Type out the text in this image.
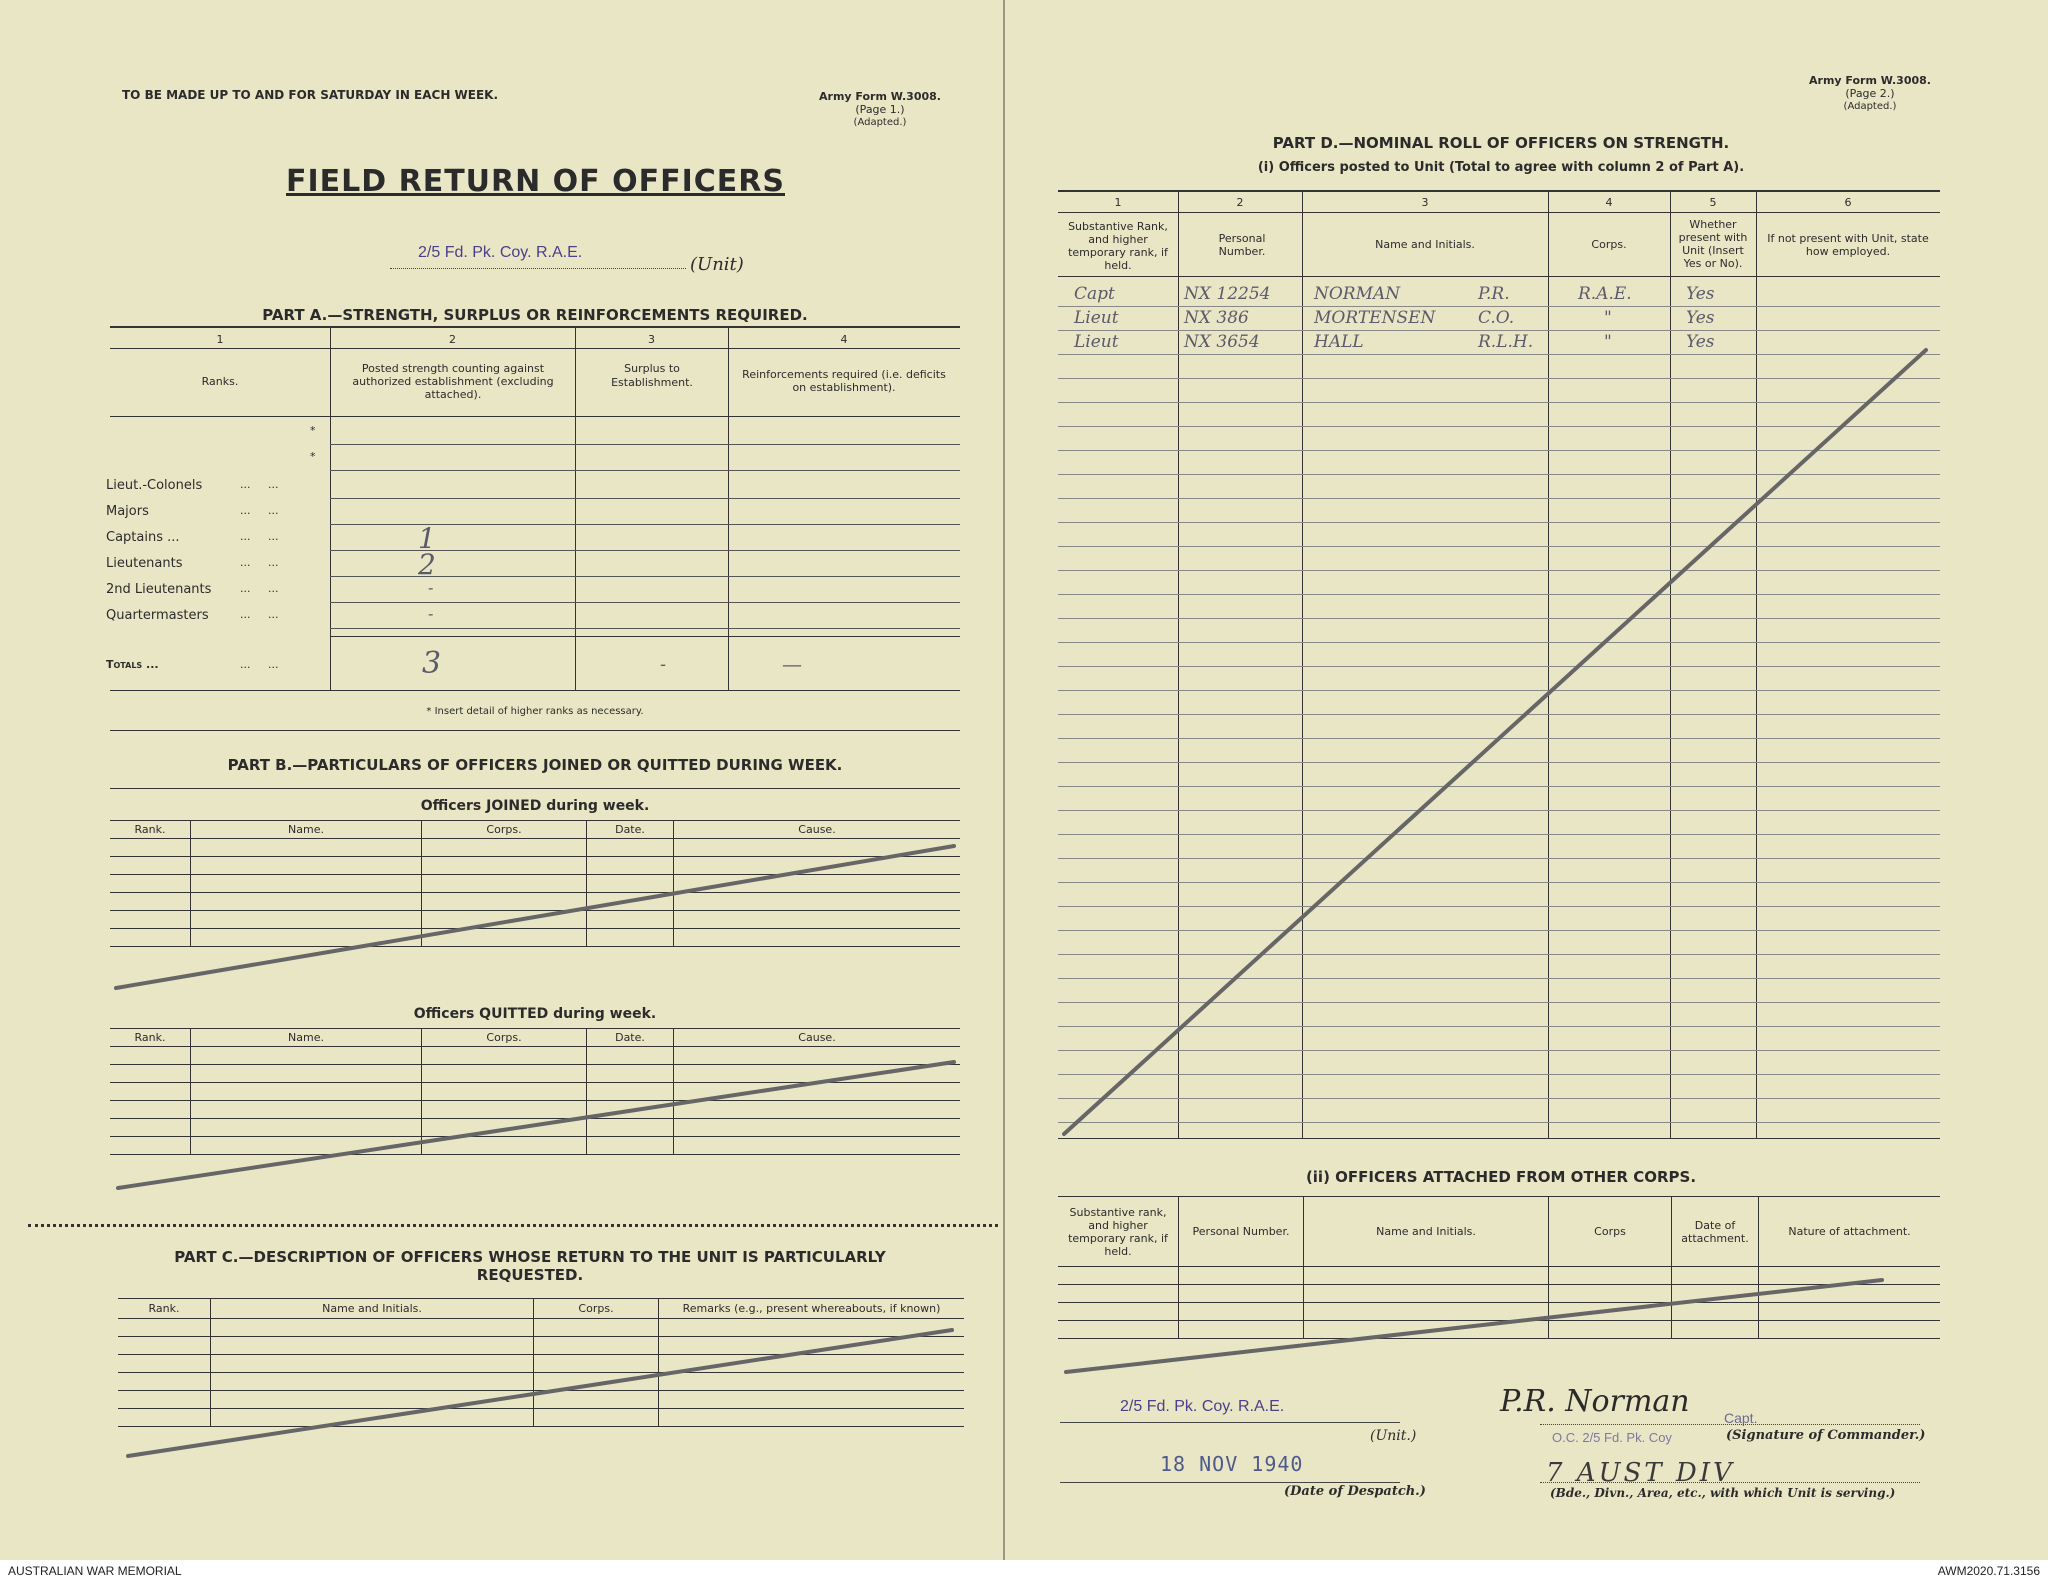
TO BE MADE UP TO AND FOR SATURDAY IN EACH WEEK.	Army Form W.3008.
(Page 1.)
(Adapted.)
FIELD RETURN OF OFFICERS
2/5 Fd. Pk. Coy. R.A.E.
(Unit)
PART A.—STRENGTH, SURPLUS OR REINFORCEMENTS REQUIRED.
1	2	3	4
Ranks.
Posted strength counting against authorized establishment (excluding attached).
Surplus to Establishment.
Reinforcements required (i.e. deficits on establishment).
*
*
Lieut.-Colonels	...     ...
Majors	...     ...
Captains ...	...     ...	1
Lieutenants	...     ...	2
2nd Lieutenants	...     ...	-
Quartermasters	...     ...	-
Totals ...	...     ...	3	-	—
* Insert detail of higher ranks as necessary.
PART B.—PARTICULARS OF OFFICERS JOINED OR QUITTED DURING WEEK.
Officers JOINED during week.
Rank.	Name.	Corps.	Date.	Cause.

Officers QUITTED during week.
Rank.	Name.	Corps.	Date.	Cause.

PART C.—DESCRIPTION OF OFFICERS WHOSE RETURN TO THE UNIT IS PARTICULARLY REQUESTED.
Rank.	Name and Initials.	Corps.	Remarks (e.g., present whereabouts, if known)

Army Form W.3008.
(Page 2.)
(Adapted.)
PART D.—NOMINAL ROLL OF OFFICERS ON STRENGTH.
(i) Officers posted to Unit (Total to agree with column 2 of Part A).
1	2	3	4	5	6
Substantive Rank, and higher temporary rank, if held.
Personal Number.
Name and Initials.	Corps.
Whether present with Unit (Insert Yes or No).
If not present with Unit, state how employed.
Capt	NX 12254	NORMAN	P.R.	R.A.E.	Yes
Lieut	NX 386	MORTENSEN	C.O.	"	Yes
Lieut	NX 3654	HALL	R.L.H.	"	Yes
(ii) OFFICERS ATTACHED FROM OTHER CORPS.
Substantive rank, and higher temporary rank, if held.	Personal Number.	Name and Initials.	Corps	Date of attachment.	Nature of attachment.

2/5 Fd. Pk. Coy. R.A.E.
(Unit.)
P.R. Norman Capt.
O.C. 2/5 Fd. Pk. Coy	(Signature of Commander.)
18 NOV 1940
(Date of Despatch.)
7 AUST DIV
(Bde., Divn., Area, etc., with which Unit is serving.)
AUSTRALIAN WAR MEMORIAL	AWM2020.71.3156
